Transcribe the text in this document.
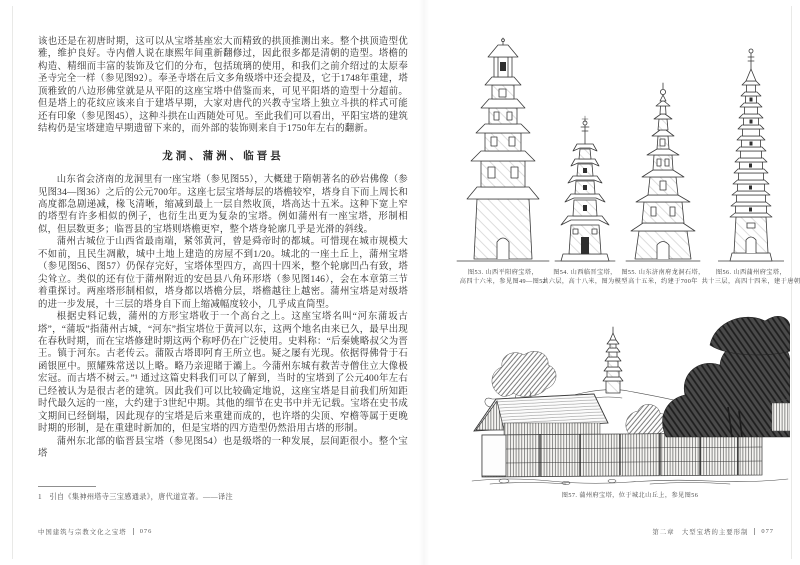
该也还是在初唐时期，这可以从宝塔基座宏大而精致的拱顶推测出来。整个拱顶造型优雅，维护良好。寺内僧人说在康熙年间重新翻修过，因此很多都是清朝的造型。塔檐的构造、精细而丰富的装饰及它们的分布，包括琉璃的使用，和我们之前介绍过的太原奉圣寺完全一样（参见图92）。奉圣寺塔在后文多角级塔中还会提及，它于1748年重建，塔顶雅致的八边形佛堂就是从平阳的这座宝塔中借鉴而来，可见平阳塔的造型十分超前。但是塔上的花纹应该来自于建塔早期，大家对唐代的兴教寺宝塔上独立斗拱的样式可能还有印象（参见图45），这种斗拱在山西随处可见。至此我们可以看出，平阳宝塔的建筑结构仍是宝塔建造早期遗留下来的，而外部的装饰则来自于1750年左右的翻新。

龙洞、蒲洲、临晋县

山东省会济南的龙洞里有一座宝塔（参见图55），大概建于隋朝著名的砂岩佛像（参见图34—图36）之后的公元700年。这座七层宝塔每层的塔檐较窄，塔身自下而上周长和高度都急剧递减，椽飞清晰，缩减到最上一层自然收顶，塔高达十五米。这种下宽上窄的塔型有许多相似的例子，也衍生出更为复杂的宝塔。例如蒲州有一座宝塔，形制相似，但层数更多；临晋县的宝塔则塔檐更窄，整个塔身轮廓几乎是光滑的斜线。

蒲州古城位于山西省最南端，紧邻黄河，曾是舜帝时的都城。可惜现在城市规模大不如前，且民生凋敝，城中土地上建造的房屋不到1/20。城北的一座土丘上，蒲州宝塔（参见图56、图57）仍保存完好，宝塔体型四方，高四十四米，整个轮廓凹凸有致，塔尖耸立。类似的还有位于蒲州附近的安邑县八角环形塔（参见图146），会在本章第三节着重探讨。两座塔形制相似，塔身都以塔檐分层，塔檐越往上越密。蒲州宝塔是对级塔的进一步发展，十三层的塔身自下而上缩减幅度较小，几乎成直筒型。

根据史料记载，蒲州的方形宝塔收于一个高台之上。这座宝塔名叫“河东蒲坂古塔”，“蒲坂”指蒲州古城，“河东”指宝塔位于黄河以东，这两个地名由来已久，最早出现在春秋时期，而在宝塔修建时期这两个称呼仍在广泛使用。史料称：“后秦姚略叔父为晋王。镇于河东。古老传云。蒲阪古塔即阿育王所立也。疑之屡有光现。依据得佛骨于石函银匣中。照耀殊常送以上略。略乃亲迎睹于灞上。今蒲州东城有救苦寺僧住立大像极宏冠。而古塔不树云。”¹ 通过这篇史料我们可以了解到，当时的宝塔到了公元400年左右已经被认为是很古老的建筑。因此我们可以比较确定地说，这座宝塔是目前我们所知距时代最久远的一座，大约建于3世纪中期。其他的细节在史书中并无记载。宝塔在史书成文期间已经倒塌，因此现存的宝塔是后来重建而成的，也许塔的尖顶、窄檐等属于更晚时期的形制，是在重建时新加的，但是宝塔的四方造型仍然沿用古塔的形制。

蒲州东北部的临晋县宝塔（参见图54）也是级塔的一种发展，层间距很小。整个宝塔

1　引自《集神州塔寺三宝感通录》，唐代道宣著。——译注

中国建筑与宗教文化之宝塔 076
图53. 山西平阳府宝塔，
高四十六米，参见图49—图52
图54. 山西临晋宝塔，
共六层，高十八米，图为模型
图55. 山东济南府龙洞石塔，
高十五米，约建于700年
图56. 山西蒲州府宝塔，
共十三层，高四十四米，建于唐朝
图57. 蒲州府宝塔，位于城北山丘上，参见图56
第二章　大型宝塔的主要形制 077
